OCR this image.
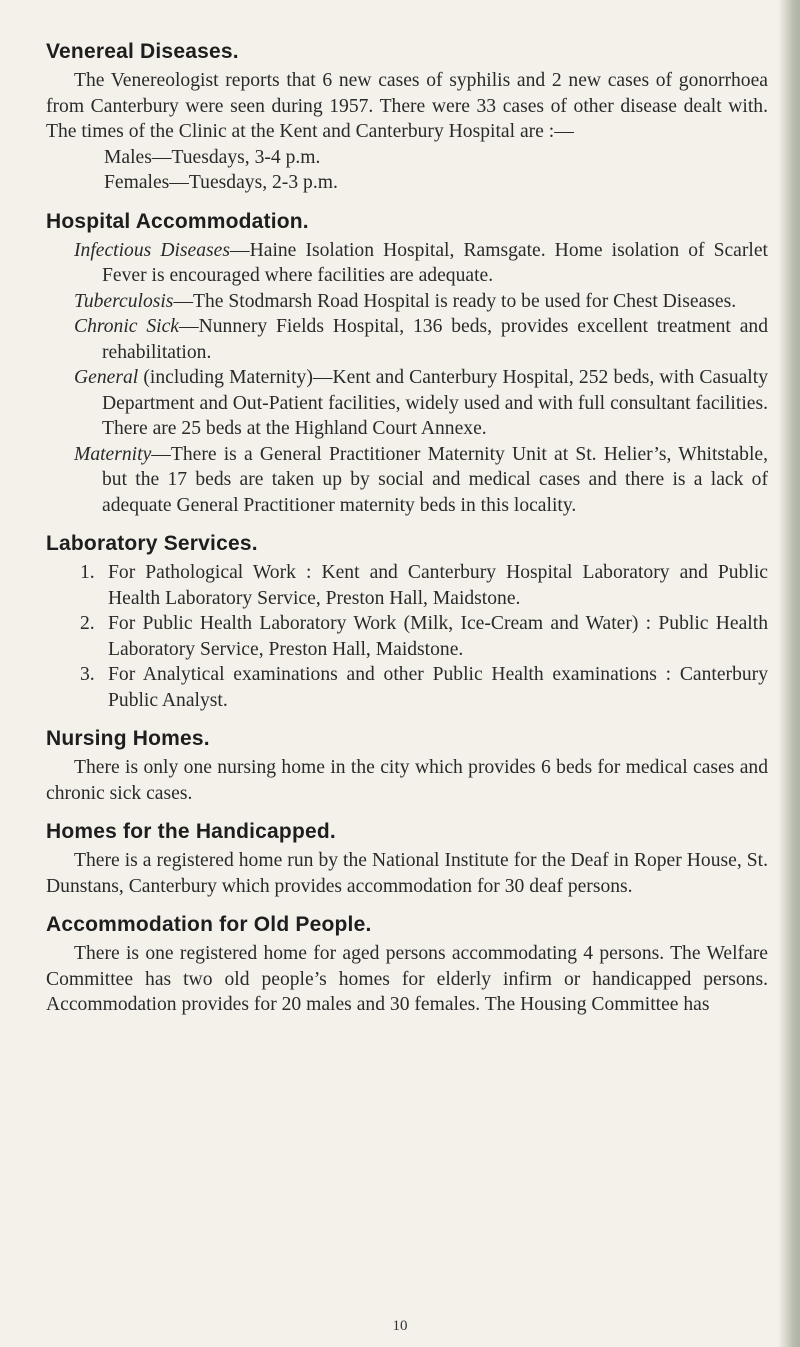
Venereal Diseases.

The Venereologist reports that 6 new cases of syphilis and 2 new cases of gonorrhoea from Canterbury were seen during 1957. There were 33 cases of other disease dealt with. The times of the Clinic at the Kent and Canterbury Hospital are :—

Males—Tuesdays, 3-4 p.m.

Females—Tuesdays, 2-3 p.m.

Hospital Accommodation.

Infectious Diseases—Haine Isolation Hospital, Ramsgate. Home isolation of Scarlet Fever is encouraged where facilities are adequate.

Tuberculosis—The Stodmarsh Road Hospital is ready to be used for Chest Diseases.

Chronic Sick—Nunnery Fields Hospital, 136 beds, provides excellent treatment and rehabilitation.

General (including Maternity)—Kent and Canterbury Hospital, 252 beds, with Casualty Department and Out-Patient facilities, widely used and with full consultant facilities. There are 25 beds at the Highland Court Annexe.

Maternity—There is a General Practitioner Maternity Unit at St. Helier’s, Whitstable, but the 17 beds are taken up by social and medical cases and there is a lack of adequate General Practitioner maternity beds in this locality.

Laboratory Services.
1. For Pathological Work : Kent and Canterbury Hospital Laboratory and Public Health Laboratory Service, Preston Hall, Maidstone.
2. For Public Health Laboratory Work (Milk, Ice-Cream and Water) : Public Health Laboratory Service, Preston Hall, Maidstone.
3. For Analytical examinations and other Public Health examinations : Canterbury Public Analyst.
Nursing Homes.

There is only one nursing home in the city which provides 6 beds for medical cases and chronic sick cases.

Homes for the Handicapped.

There is a registered home run by the National Institute for the Deaf in Roper House, St. Dunstans, Canterbury which provides accommodation for 30 deaf persons.

Accommodation for Old People.

There is one registered home for aged persons accommodating 4 persons. The Welfare Committee has two old people’s homes for elderly infirm or handicapped persons. Accommodation provides for 20 males and 30 females. The Housing Committee has

10
